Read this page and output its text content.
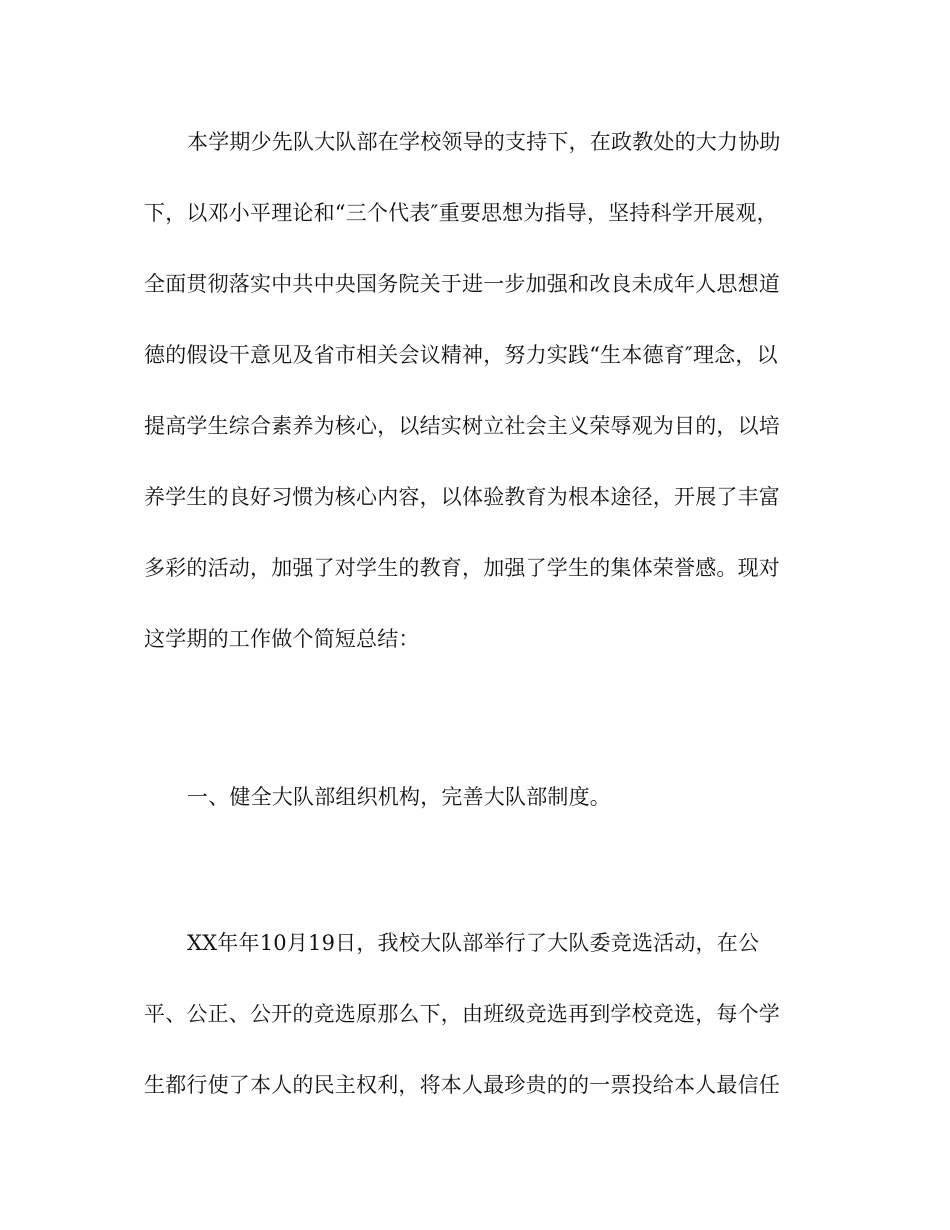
本学期少先队大队部在学校领导的支持下，在政教处的大力协助
下，以邓小平理论和“三个代表″重要思想为指导，坚持科学开展观，
全面贯彻落实中共中央国务院关于进一步加强和改良未成年人思想道
德的假设干意见及省市相关会议精神，努力实践“生本德育″理念，以
提高学生综合素养为核心，以结实树立社会主义荣辱观为目的，以培
养学生的良好习惯为核心内容，以体验教育为根本途径，开展了丰富
多彩的活动，加强了对学生的教育，加强了学生的集体荣誉感。现对
这学期的工作做个简短总结：
一、健全大队部组织机构，完善大队部制度。
XX年年10月19日，我校大队部举行了大队委竞选活动，在公
平、公正、公开的竞选原那么下，由班级竞选再到学校竞选，每个学
生都行使了本人的民主权利，将本人最珍贵的的一票投给本人最信任
